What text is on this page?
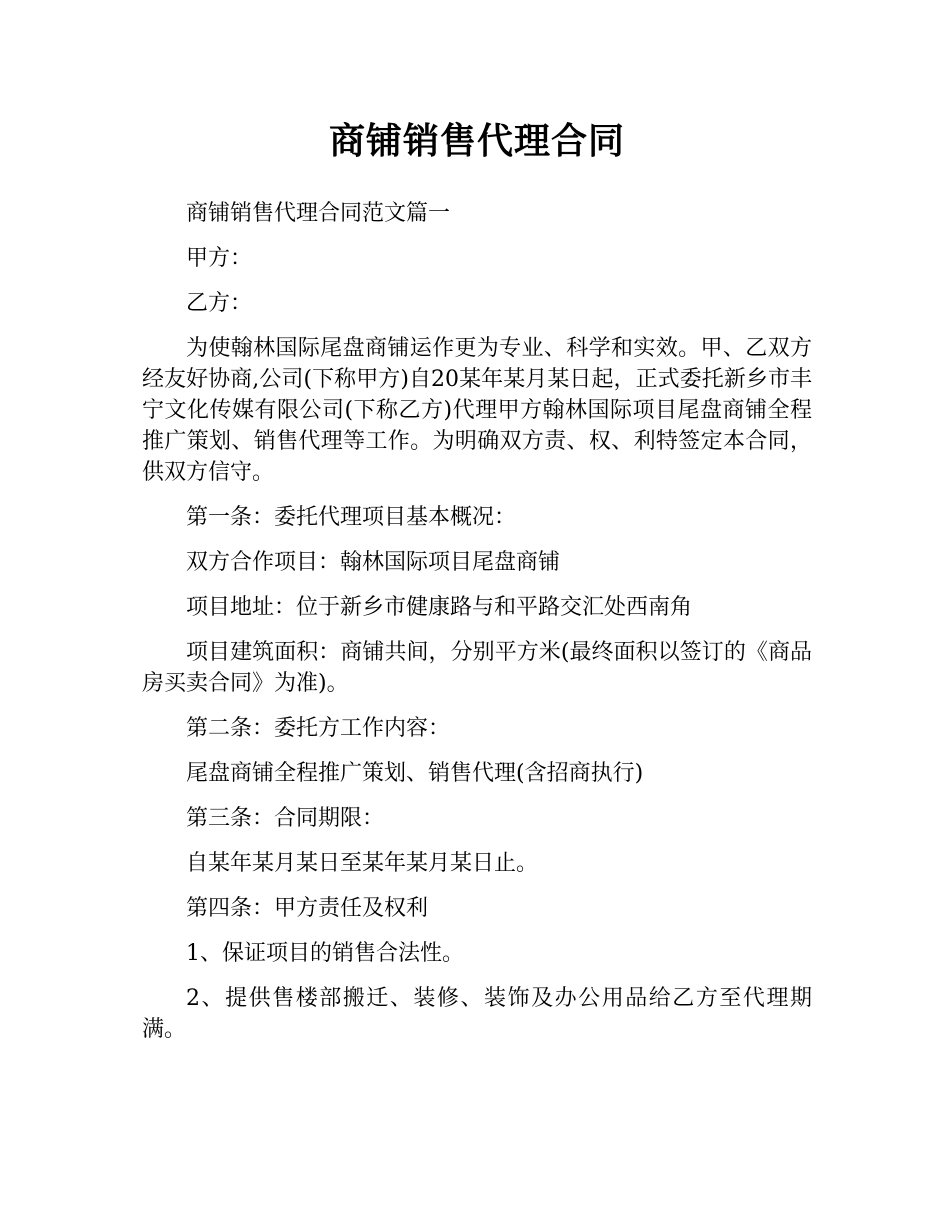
商铺销售代理合同

商铺销售代理合同范文篇一

甲方：

乙方：

为使翰林国际尾盘商铺运作更为专业、科学和实效。甲、乙双方经友好协商,公司(下称甲方)自20某年某月某日起，正式委托新乡市丰宁文化传媒有限公司(下称乙方)代理甲方翰林国际项目尾盘商铺全程推广策划、销售代理等工作。为明确双方责、权、利特签定本合同，供双方信守。

第一条：委托代理项目基本概况：

双方合作项目：翰林国际项目尾盘商铺

项目地址：位于新乡市健康路与和平路交汇处西南角

项目建筑面积：商铺共间，分别平方米(最终面积以签订的《商品房买卖合同》为准)。

第二条：委托方工作内容：

尾盘商铺全程推广策划、销售代理(含招商执行)

第三条：合同期限：

自某年某月某日至某年某月某日止。

第四条：甲方责任及权利

1、保证项目的销售合法性。

2、提供售楼部搬迁、装修、装饰及办公用品给乙方至代理期满。
